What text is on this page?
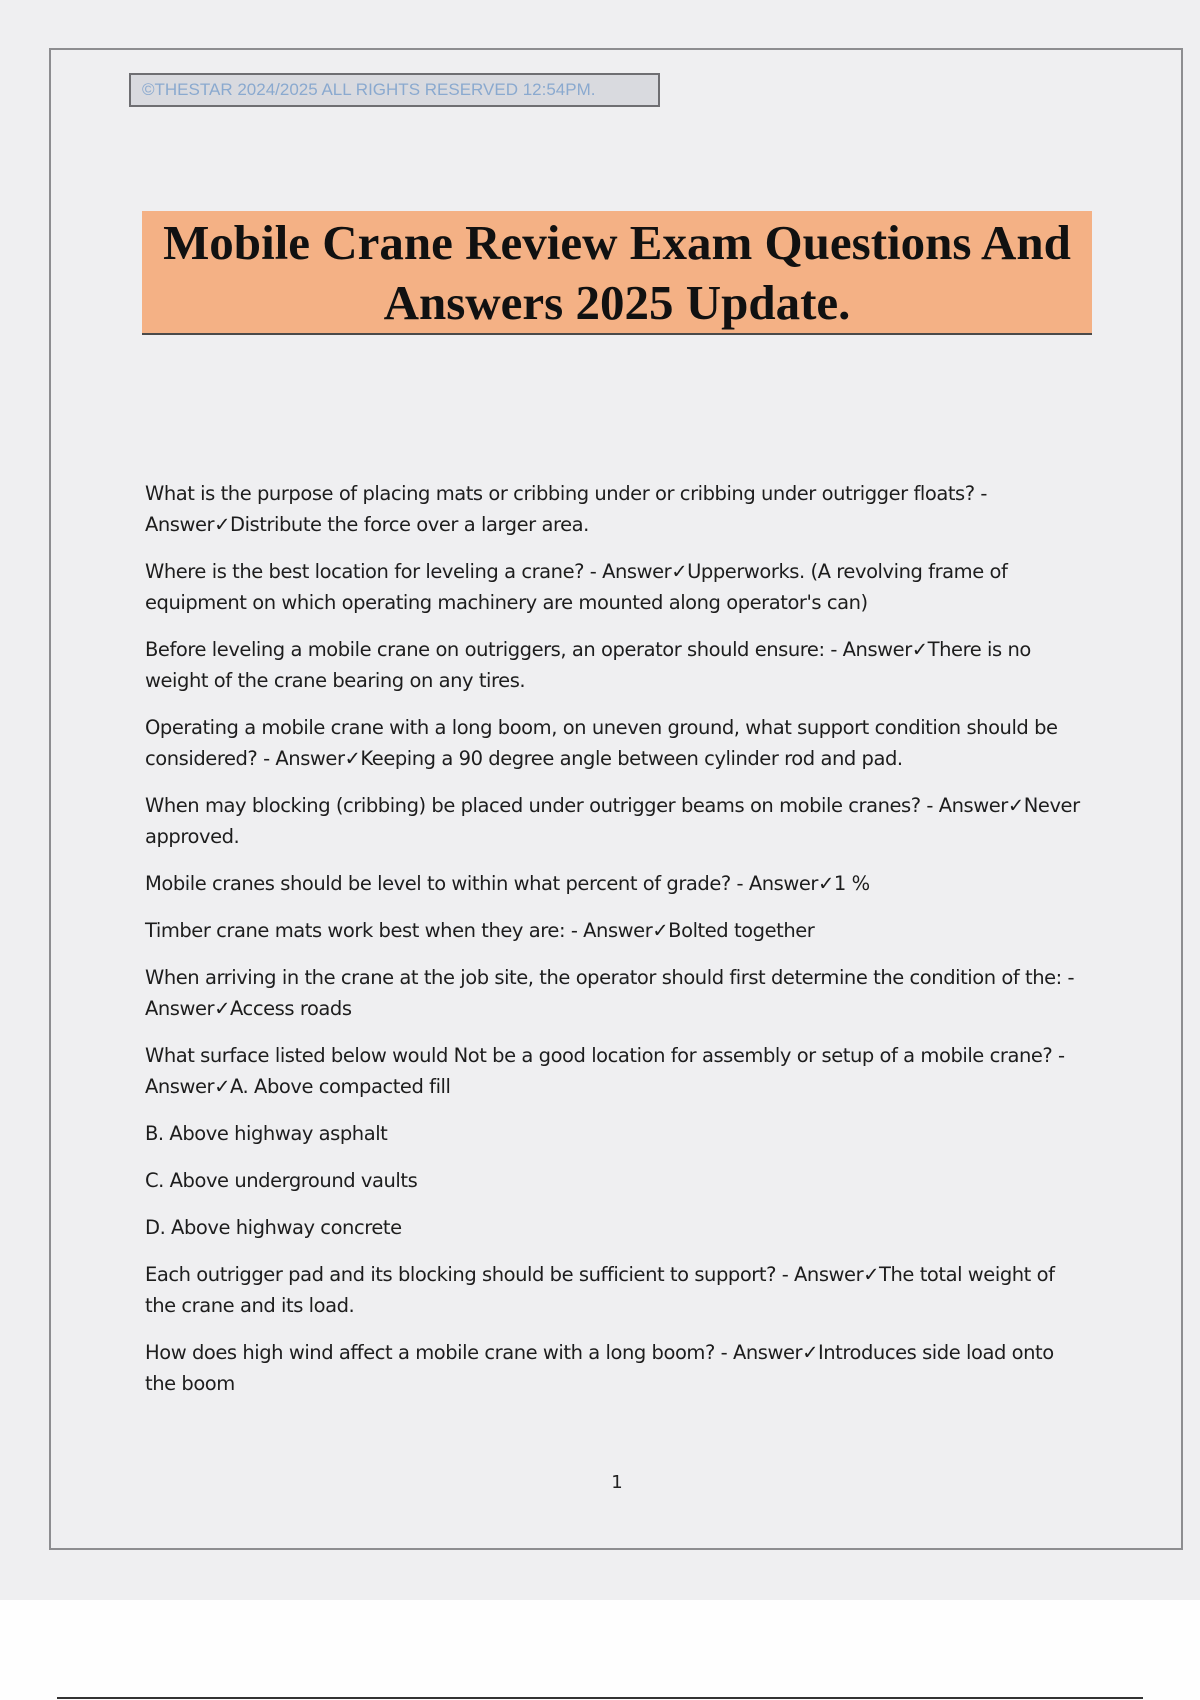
©THESTAR 2024/2025 ALL RIGHTS RESERVED 12:54PM.
Mobile Crane Review Exam Questions And
Answers 2025 Update.

What is the purpose of placing mats or cribbing under or cribbing under outrigger floats? - Answer✓Distribute the force over a larger area.

Where is the best location for leveling a crane? - Answer✓Upperworks. (A revolving frame of equipment on which operating machinery are mounted along operator's can)

Before leveling a mobile crane on outriggers, an operator should ensure: - Answer✓There is no weight of the crane bearing on any tires.

Operating a mobile crane with a long boom, on uneven ground, what support condition should be considered? - Answer✓Keeping a 90 degree angle between cylinder rod and pad.

When may blocking (cribbing) be placed under outrigger beams on mobile cranes? - Answer✓Never approved.

Mobile cranes should be level to within what percent of grade? - Answer✓1 %

Timber crane mats work best when they are: - Answer✓Bolted together

When arriving in the crane at the job site, the operator should first determine the condition of the: - Answer✓Access roads

What surface listed below would Not be a good location for assembly or setup of a mobile crane? - Answer✓A. Above compacted fill

B. Above highway asphalt

C. Above underground vaults

D. Above highway concrete

Each outrigger pad and its blocking should be sufficient to support? - Answer✓The total weight of the crane and its load.

How does high wind affect a mobile crane with a long boom? - Answer✓Introduces side load onto the boom

1
